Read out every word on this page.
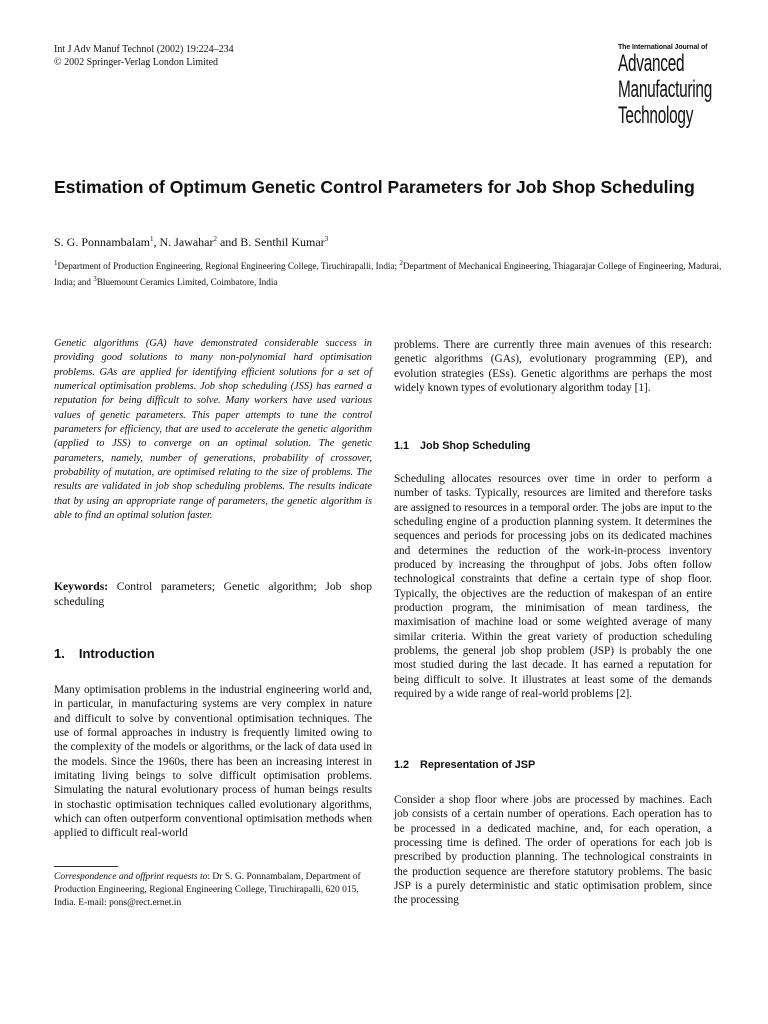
Int J Adv Manuf Technol (2002) 19:224–234
© 2002 Springer-Verlag London Limited
The International Journal of
Advanced
Manufacturing
Technology
Estimation of Optimum Genetic Control Parameters for Job Shop Scheduling
S. G. Ponnambalam$^1$, N. Jawahar$^2$ and B. Senthil Kumar$^3$
$^1$Department of Production Engineering, Regional Engineering College, Tiruchirapalli, India; $^2$Department of Mechanical Engineering, Thiagarajar College of Engineering, Madurai, India; and $^3$Bluemount Ceramics Limited, Coimbatore, India
Genetic algorithms (GA) have demonstrated considerable success in providing good solutions to many non-polynomial hard optimisation problems. GAs are applied for identifying efficient solutions for a set of numerical optimisation problems. Job shop scheduling (JSS) has earned a reputation for being difficult to solve. Many workers have used various values of genetic parameters. This paper attempts to tune the control parameters for efficiency, that are used to accelerate the genetic algorithm (applied to JSS) to converge on an optimal solution. The genetic parameters, namely, number of generations, probability of crossover, probability of mutation, are optimised relating to the size of problems. The results are validated in job shop scheduling problems. The results indicate that by using an appropriate range of parameters, the genetic algorithm is able to find an optimal solution faster.
Keywords: Control parameters; Genetic algorithm; Job shop scheduling
1. Introduction
Many optimisation problems in the industrial engineering world and, in particular, in manufacturing systems are very complex in nature and difficult to solve by conventional optimisation techniques. The use of formal approaches in industry is frequently limited owing to the complexity of the models or algorithms, or the lack of data used in the models. Since the 1960s, there has been an increasing interest in imitating living beings to solve difficult optimisation problems. Simulating the natural evolutionary process of human beings results in stochastic optimisation techniques called evolutionary algorithms, which can often outperform conventional optimisation methods when applied to difficult real-world
Correspondence and offprint requests to: Dr S. G. Ponnambalam, Department of Production Engineering, Regional Engineering College, Tiruchirapalli, 620 015, India. E-mail: pons@rect.ernet.in
problems. There are currently three main avenues of this research: genetic algorithms (GAs), evolutionary programming (EP), and evolution strategies (ESs). Genetic algorithms are perhaps the most widely known types of evolutionary algorithm today [1].
1.1 Job Shop Scheduling
Scheduling allocates resources over time in order to perform a number of tasks. Typically, resources are limited and therefore tasks are assigned to resources in a temporal order. The jobs are input to the scheduling engine of a production planning system. It determines the sequences and periods for processing jobs on its dedicated machines and determines the reduction of the work-in-process inventory produced by increasing the throughput of jobs. Jobs often follow technological constraints that define a certain type of shop floor. Typically, the objectives are the reduction of makespan of an entire production program, the minimisation of mean tardiness, the maximisation of machine load or some weighted average of many similar criteria. Within the great variety of production scheduling problems, the general job shop problem (JSP) is probably the one most studied during the last decade. It has earned a reputation for being difficult to solve. It illustrates at least some of the demands required by a wide range of real-world problems [2].
1.2 Representation of JSP
Consider a shop floor where jobs are processed by machines. Each job consists of a certain number of operations. Each operation has to be processed in a dedicated machine, and, for each operation, a processing time is defined. The order of operations for each job is prescribed by production planning. The technological constraints in the production sequence are therefore statutory problems. The basic JSP is a purely deterministic and static optimisation problem, since the processing
